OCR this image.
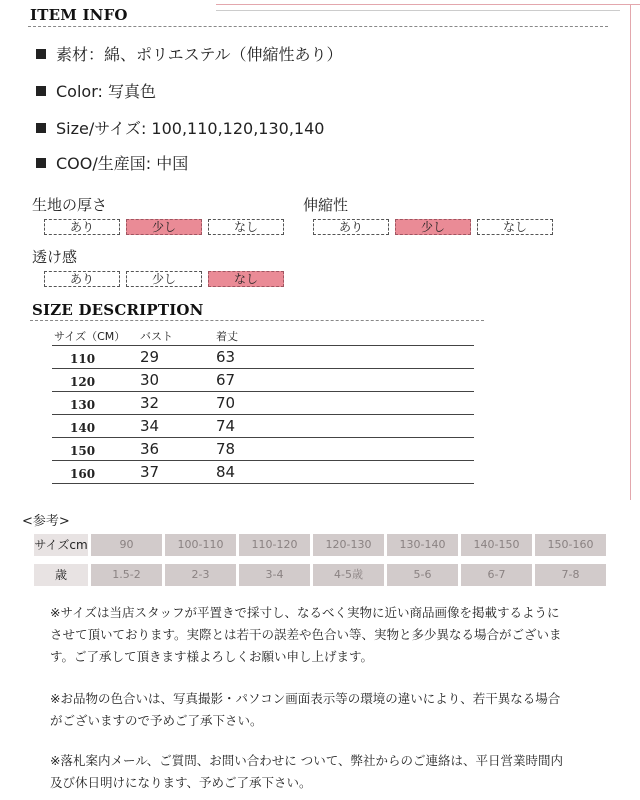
ITEM INFO
素材：綿、ポリエステル（伸縮性あり）
Color: 写真色
Size/サイズ: 100,110,120,130,140
COO/生産国: 中国
生地の厚さ
あり	少し	なし
伸縮性
あり	少し	なし
透け感
あり	少し	なし
SIZE DESCRIPTION
サイズ（CM）	バスト	着丈
110	29	63
120	30	67
130	32	70
140	34	74
150	36	78
160	37	84
<参考>
サイズcm	90	100-110	110-120	120-130	130-140	140-150	150-160
歳	1.5-2	2-3	3-4	4-5歳	5-6	6-7	7-8

※サイズは当店スタッフが平置きで採寸し、なるべく実物に近い商品画像を掲載するようにさせて頂いております。実際とは若干の誤差や色合い等、実物と多少異なる場合がございます。ご了承して頂きます様よろしくお願い申し上げます。

※お品物の色合いは、写真撮影・パソコン画面表示等の環境の違いにより、若干異なる場合がございますので予めご了承下さい。

※落札案内メール、ご質問、お問い合わせに ついて、弊社からのご連絡は、平日営業時間内及び休日明けになります、予めご了承下さい。
